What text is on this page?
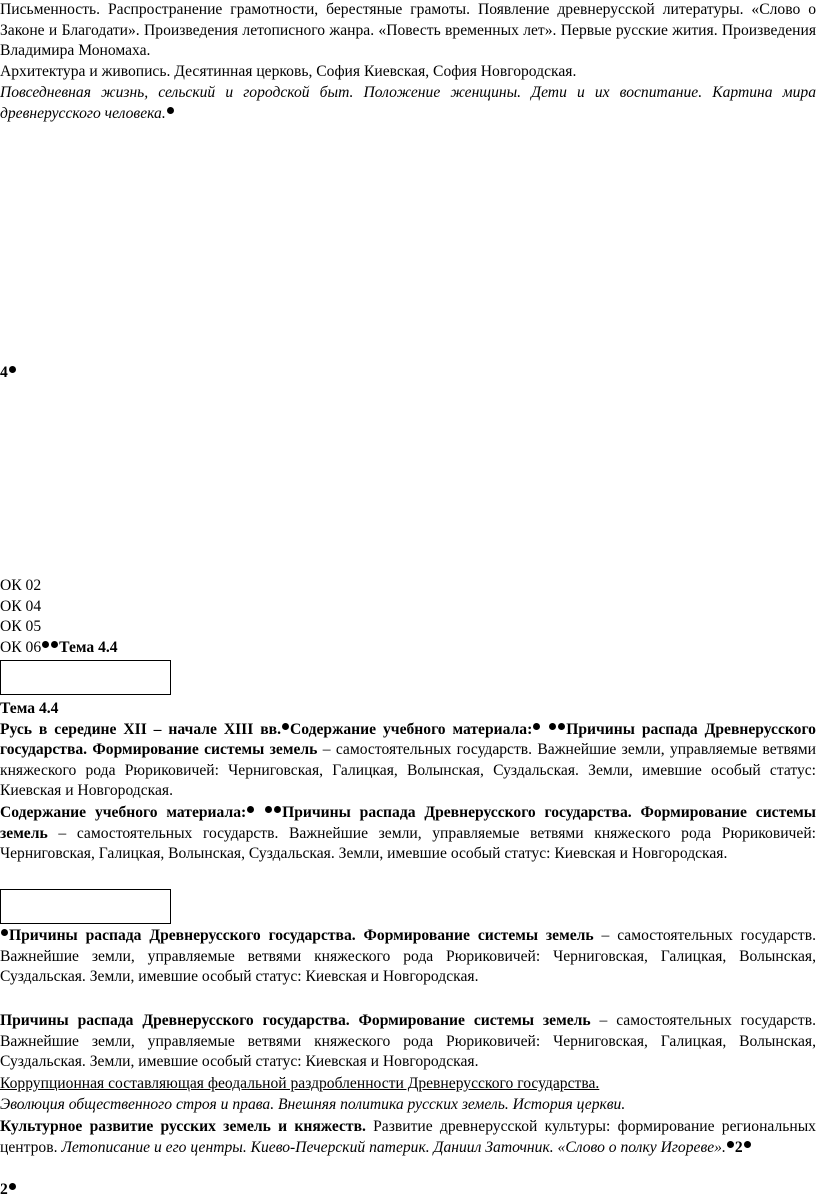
Письменность. Распространение грамотности, берестяные грамоты. Появление древнерусской литературы. «Слово о Законе и Благодати». Произведения летописного жанра. «Повесть временных лет». Первые русские жития. Произведения Владимира Мономаха.

Архитектура и живопись. Десятинная церковь, София Киевская, София Новгородская.

Повседневная жизнь, сельский и городской быт. Положение женщины. Дети и их воспитание. Картина мира древнерусского человека.

4

ОК 02
ОК 04
ОК 05
ОК 06 Тема 4.4
Тема 4.4
Русь в середине XII – начале XIII вв. Содержание учебного материала: Причины распада Древнерусского государства. Формирование системы земель – самостоятельных государств. Важнейшие земли, управляемые ветвями княжеского рода Рюриковичей: Черниговская, Галицкая, Волынская, Суздальская. Земли, имевшие особый статус: Киевская и Новгородская.
Содержание учебного материала: Причины распада Древнерусского государства. Формирование системы земель – самостоятельных государств. Важнейшие земли, управляемые ветвями княжеского рода Рюриковичей: Черниговская, Галицкая, Волынская, Суздальская. Земли, имевшие особый статус: Киевская и Новгородская.
Причины распада Древнерусского государства. Формирование системы земель – самостоятельных государств. Важнейшие земли, управляемые ветвями княжеского рода Рюриковичей: Черниговская, Галицкая, Волынская, Суздальская. Земли, имевшие особый статус: Киевская и Новгородская.
Причины распада Древнерусского государства. Формирование системы земель – самостоятельных государств. Важнейшие земли, управляемые ветвями княжеского рода Рюриковичей: Черниговская, Галицкая, Волынская, Суздальская. Земли, имевшие особый статус: Киевская и Новгородская.
Коррупционная составляющая феодальной раздробленности Древнерусского государства.
Эволюция общественного строя и права. Внешняя политика русских земель. История церкви.
Культурное развитие русских земель и княжеств. Развитие древнерусской культуры: формирование региональных центров. Летописание и его центры. Киево-Печерский патерик. Даниил Заточник. «Слово о полку Игореве». 2
2
